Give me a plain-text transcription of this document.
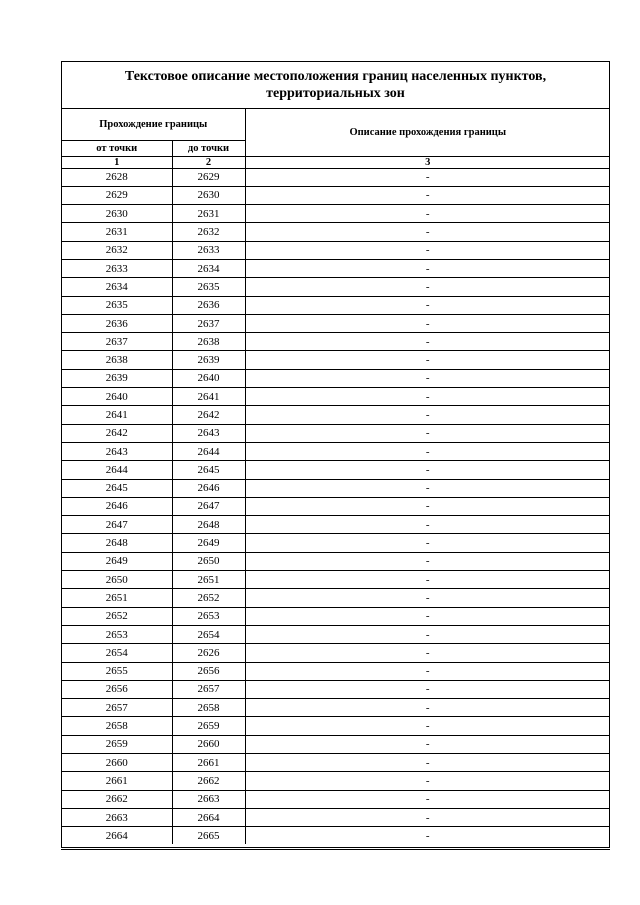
Текстовое описание местоположения границ населенных пунктов,
территориальных зон
Прохождение границы		Описание прохождения границы
от точки	до точки	
1	2	3
2628	2629	-
2629	2630	-
2630	2631	-
2631	2632	-
2632	2633	-
2633	2634	-
2634	2635	-
2635	2636	-
2636	2637	-
2637	2638	-
2638	2639	-
2639	2640	-
2640	2641	-
2641	2642	-
2642	2643	-
2643	2644	-
2644	2645	-
2645	2646	-
2646	2647	-
2647	2648	-
2648	2649	-
2649	2650	-
2650	2651	-
2651	2652	-
2652	2653	-
2653	2654	-
2654	2626	-
2655	2656	-
2656	2657	-
2657	2658	-
2658	2659	-
2659	2660	-
2660	2661	-
2661	2662	-
2662	2663	-
2663	2664	-
2664	2665	-
